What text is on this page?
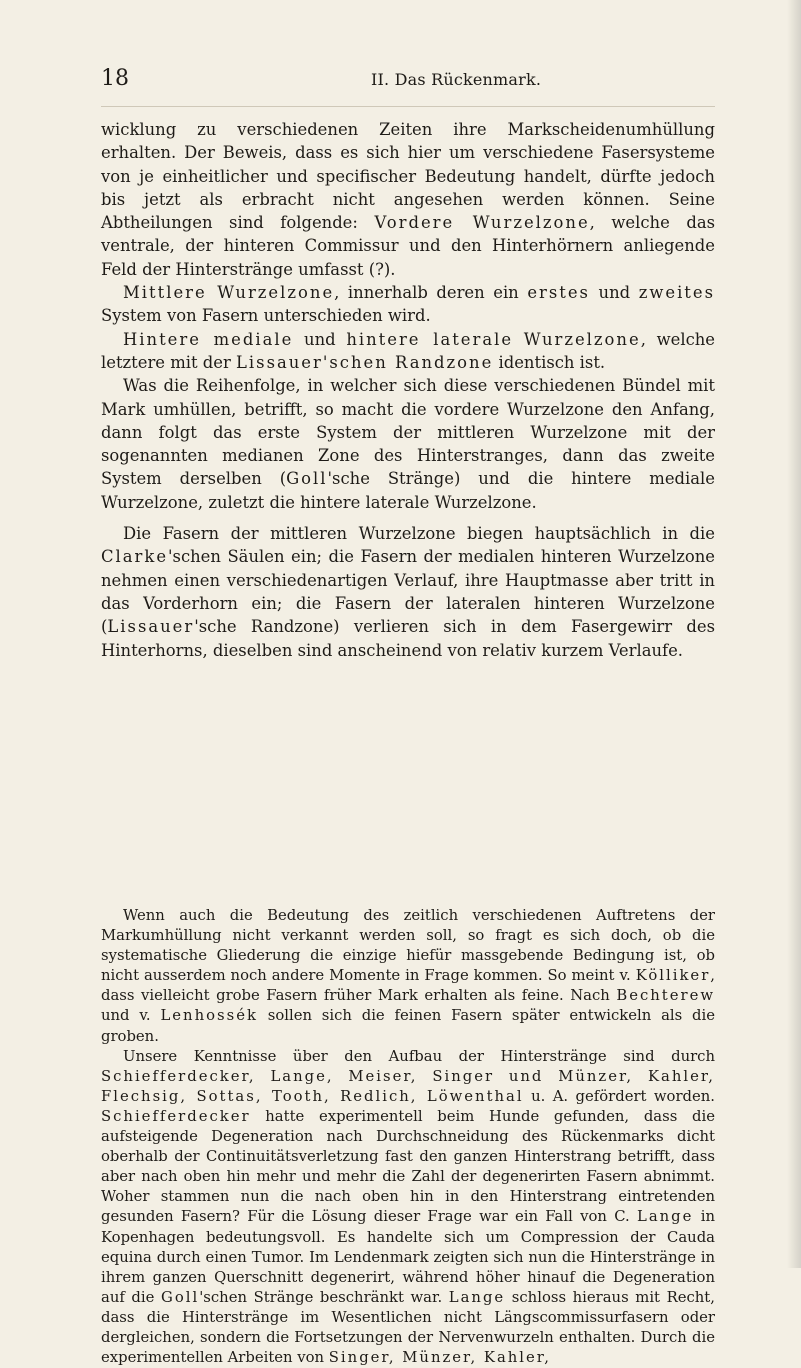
18	II. Das Rückenmark.

wicklung zu verschiedenen Zeiten ihre Markscheidenumhüllung erhalten. Der Beweis, dass es sich hier um verschiedene Fasersysteme von je einheitlicher und specifischer Bedeutung handelt, dürfte jedoch bis jetzt als erbracht nicht angesehen werden können. Seine Abtheilungen sind folgende: Vordere Wurzelzone, welche das ventrale, der hinteren Commissur und den Hinterhörnern anliegende Feld der Hinterstränge umfasst (?).

Mittlere Wurzelzone, innerhalb deren ein erstes und zweites System von Fasern unterschieden wird.

Hintere mediale und hintere laterale Wurzelzone, welche letztere mit der Lissauer'schen Randzone identisch ist.

Was die Reihenfolge, in welcher sich diese verschiedenen Bündel mit Mark umhüllen, betrifft, so macht die vordere Wurzelzone den Anfang, dann folgt das erste System der mittleren Wurzelzone mit der sogenannten medianen Zone des Hinterstranges, dann das zweite System derselben (Goll'sche Stränge) und die hintere mediale Wurzelzone, zuletzt die hintere laterale Wurzelzone.

Die Fasern der mittleren Wurzelzone biegen hauptsächlich in die Clarke'schen Säulen ein; die Fasern der medialen hinteren Wurzelzone nehmen einen verschiedenartigen Verlauf, ihre Hauptmasse aber tritt in das Vorderhorn ein; die Fasern der lateralen hinteren Wurzelzone (Lissauer'sche Randzone) verlieren sich in dem Fasergewirr des Hinterhorns, dieselben sind anscheinend von relativ kurzem Verlaufe.

Wenn auch die Bedeutung des zeitlich verschiedenen Auftretens der Markumhüllung nicht verkannt werden soll, so fragt es sich doch, ob die systematische Gliederung die einzige hiefür massgebende Bedingung ist, ob nicht ausserdem noch andere Momente in Frage kommen. So meint v. Kölliker, dass vielleicht grobe Fasern früher Mark erhalten als feine. Nach Bechterew und v. Lenhossék sollen sich die feinen Fasern später entwickeln als die groben.

Unsere Kenntnisse über den Aufbau der Hinterstränge sind durch Schiefferdecker, Lange, Meiser, Singer und Münzer, Kahler, Flechsig, Sottas, Tooth, Redlich, Löwenthal u. A. gefördert worden. Schiefferdecker hatte experimentell beim Hunde gefunden, dass die aufsteigende Degeneration nach Durchschneidung des Rückenmarks dicht oberhalb der Continuitätsverletzung fast den ganzen Hinterstrang betrifft, dass aber nach oben hin mehr und mehr die Zahl der degenerirten Fasern abnimmt. Woher stammen nun die nach oben hin in den Hinterstrang eintretenden gesunden Fasern? Für die Lösung dieser Frage war ein Fall von C. Lange in Kopenhagen bedeutungsvoll. Es handelte sich um Compression der Cauda equina durch einen Tumor. Im Lendenmark zeigten sich nun die Hinterstränge in ihrem ganzen Querschnitt degenerirt, während höher hinauf die Degeneration auf die Goll'schen Stränge beschränkt war. Lange schloss hieraus mit Recht, dass die Hinterstränge im Wesentlichen nicht Längscommissurfasern oder dergleichen, sondern die Fortsetzungen der Nervenwurzeln enthalten. Durch die experimentellen Arbeiten von Singer, Münzer, Kahler,
